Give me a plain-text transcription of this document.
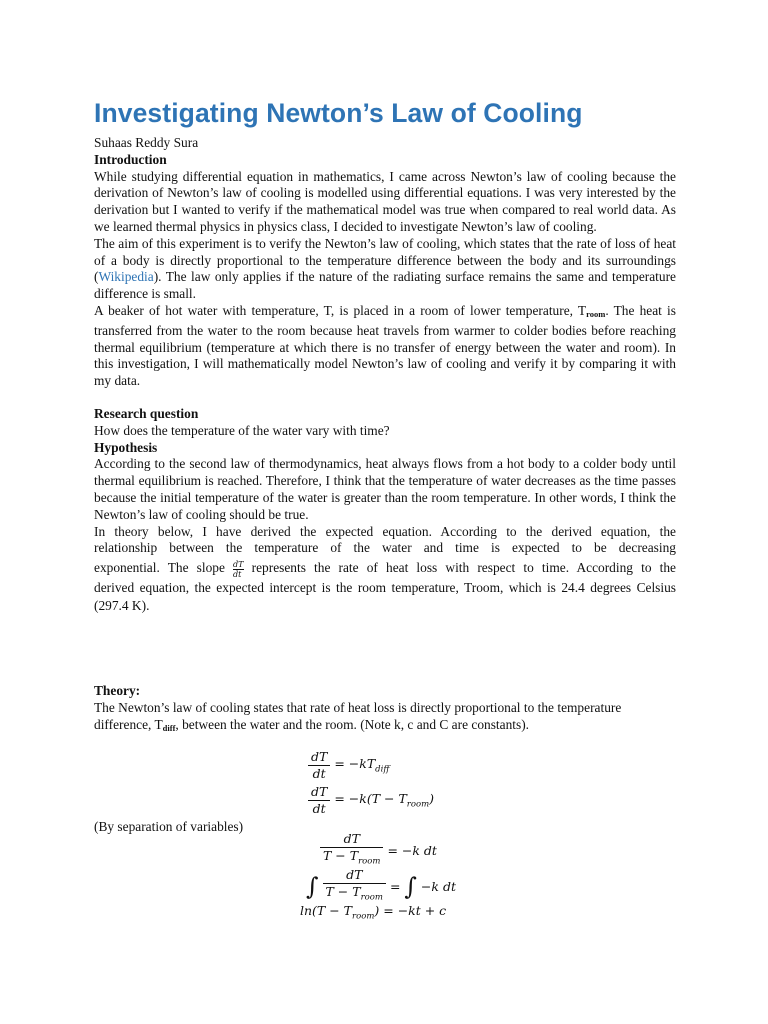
Investigating Newton’s Law of Cooling

Suhaas Reddy Sura

Introduction

While studying differential equation in mathematics, I came across Newton’s law of cooling because the derivation of Newton’s law of cooling is modelled using differential equations. I was very interested by the derivation but I wanted to verify if the mathematical model was true when compared to real world data. As we learned thermal physics in physics class, I decided to investigate Newton’s law of cooling.

The aim of this experiment is to verify the Newton’s law of cooling, which states that the rate of loss of heat of a body is directly proportional to the temperature difference between the body and its surroundings (Wikipedia). The law only applies if the nature of the radiating surface remains the same and temperature difference is small.

A beaker of hot water with temperature, T, is placed in a room of lower temperature, $T_{room}$. The heat is transferred from the water to the room because heat travels from warmer to colder bodies before reaching thermal equilibrium (temperature at which there is no transfer of energy between the water and room). In this investigation, I will mathematically model Newton’s law of cooling and verify it by comparing it with my data.

Research question

How does the temperature of the water vary with time?

Hypothesis

According to the second law of thermodynamics, heat always flows from a hot body to a colder body until thermal equilibrium is reached. Therefore, I think that the temperature of water decreases as the time passes because the initial temperature of the water is greater than the room temperature. In other words, I think the Newton’s law of cooling should be true.

In theory below, I have derived the expected equation. According to the derived equation, the

relationship between the temperature of the water and time is expected to be decreasing

exponential. The slope $\frac{dT}{dt}$ represents the rate of heat loss with respect to time. According to the

derived equation, the expected intercept is the room temperature, Troom, which is 24.4 degrees Celsius (297.4 K).

Theory:

The Newton’s law of cooling states that rate of heat loss is directly proportional to the temperature difference, $T_{diff}$, between the water and the room. (Note k, c and C are constants).

$\frac{dT}{dt} = -kT_{diff}$
$\frac{dT}{dt} = -k(T - T_{room})$
(By separation of variables)
$\frac{dT}{T - T_{room}} = -k$ dt
∫ $\frac{dT}{T - T_{room}}$ = ∫ −k dt
$\ln(T - T_{room}) = -kt + c$
